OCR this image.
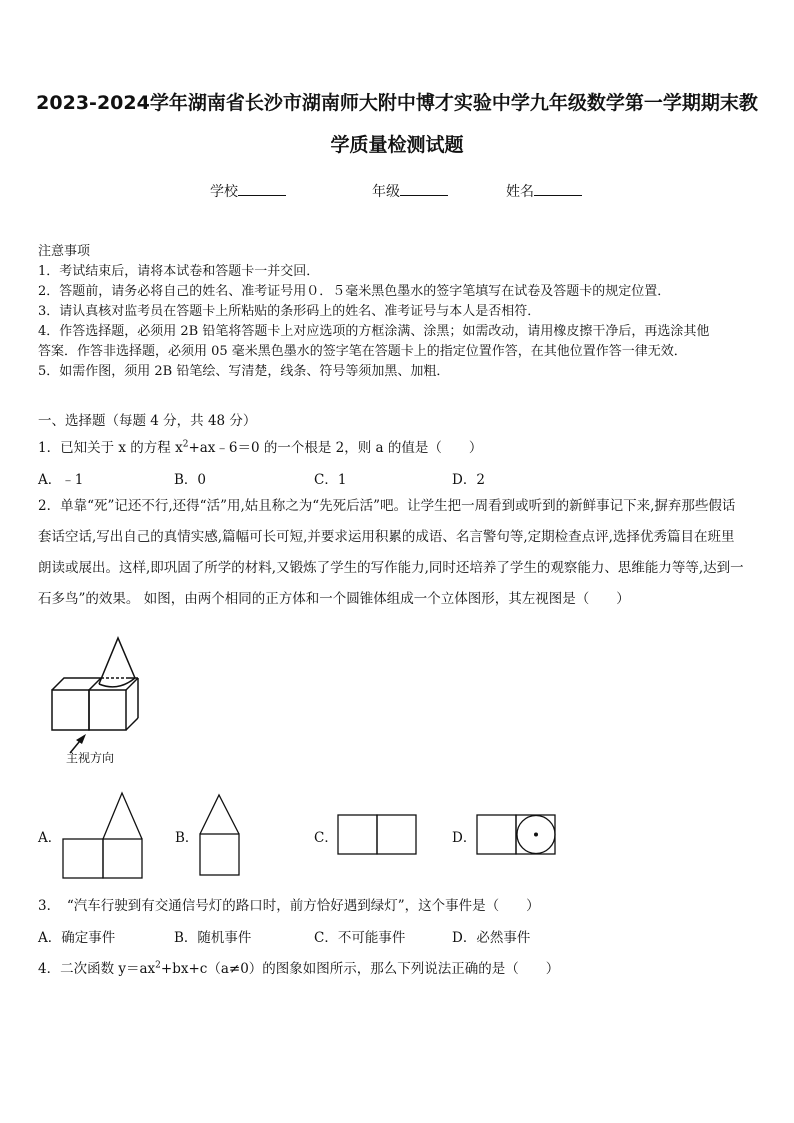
2023-2024学年湖南省长沙市湖南师大附中博才实验中学九年级数学第一学期期末教
学质量检测试题
学校	年级	姓名
注意事项
1．考试结束后，请将本试卷和答题卡一并交回．
2．答题前，请务必将自己的姓名、准考证号用０．５毫米黑色墨水的签字笔填写在试卷及答题卡的规定位置．
3．请认真核对监考员在答题卡上所粘贴的条形码上的姓名、准考证号与本人是否相符．
4．作答选择题，必须用 2B 铅笔将答题卡上对应选项的方框涂满、涂黑；如需改动，请用橡皮擦干净后，再选涂其他
答案．作答非选择题，必须用 05 毫米黑色墨水的签字笔在答题卡上的指定位置作答，在其他位置作答一律无效．
5．如需作图，须用 2B 铅笔绘、写清楚，线条、符号等须加黑、加粗．
一、选择题（每题 4 分，共 48 分）
1．已知关于 x 的方程 $x^2+ax﹣6=0$ 的一个根是 2，则 a 的值是（　　）
A．﹣1	B．0	C．1	D．2
2．单靠“死”记还不行,还得“活”用,姑且称之为“先死后活”吧。让学生把一周看到或听到的新鲜事记下来,摒弃那些假话
套话空话,写出自己的真情实感,篇幅可长可短,并要求运用积累的成语、名言警句等,定期检查点评,选择优秀篇目在班里
朗读或展出。这样,即巩固了所学的材料,又锻炼了学生的写作能力,同时还培养了学生的观察能力、思维能力等等,达到一
石多鸟”的效果。 如图，由两个相同的正方体和一个圆锥体组成一个立体图形，其左视图是（　　）
主视方向
A．	B．	C．	D．
3．　“汽车行驶到有交通信号灯的路口时，前方恰好遇到绿灯”，这个事件是（　　）
A．确定事件	B．随机事件	C．不可能事件	D．必然事件
4．二次函数 $y=ax^2+bx+c(a\ne 0)$的图象如图所示，那么下列说法正确的是（　　）
